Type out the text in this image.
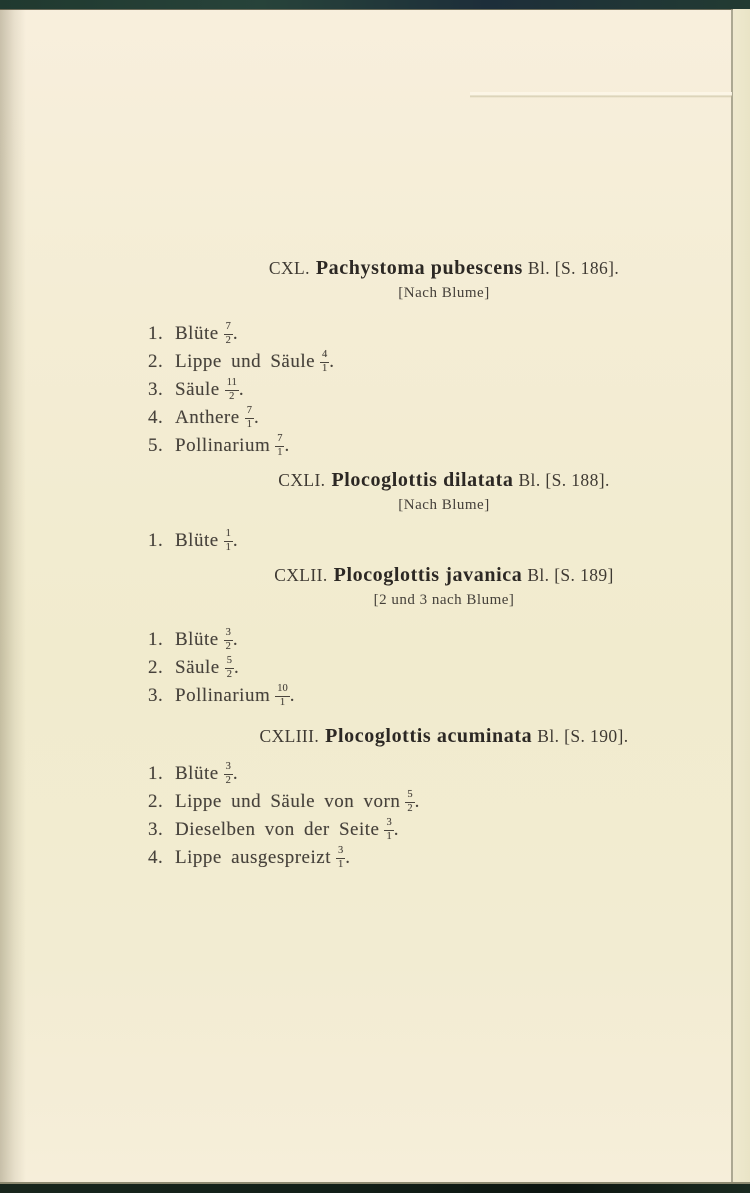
CXL. Pachystoma pubescens Bl. [S. 186].
[Nach Blume]
1. Blüte $\frac{7}{2}$ .
2. Lippe und Säule $\frac{4}{1}$ .
3. Säule $\frac{11}{2}$ .
4. Anthere $\frac{7}{1}$ .
5. Pollinarium $\frac{7}{1}$ .
CXLI. Plocoglottis dilatata Bl. [S. 188].
[Nach Blume]
1. Blüte $\frac{1}{1}$ .
CXLII. Plocoglottis javanica Bl. [S. 189]
[2 und 3 nach Blume]
1. Blüte $\frac{3}{2}$ .
2. Säule $\frac{5}{2}$ .
3. Pollinarium $\frac{10}{1}$ .
CXLIII. Plocoglottis acuminata Bl. [S. 190].
1. Blüte $\frac{3}{2}$ .
2. Lippe und Säule von vorn $\frac{5}{2}$ .
3. Dieselben von der Seite $\frac{3}{1}$ .
4. Lippe ausgespreizt $\frac{3}{1}$ .
